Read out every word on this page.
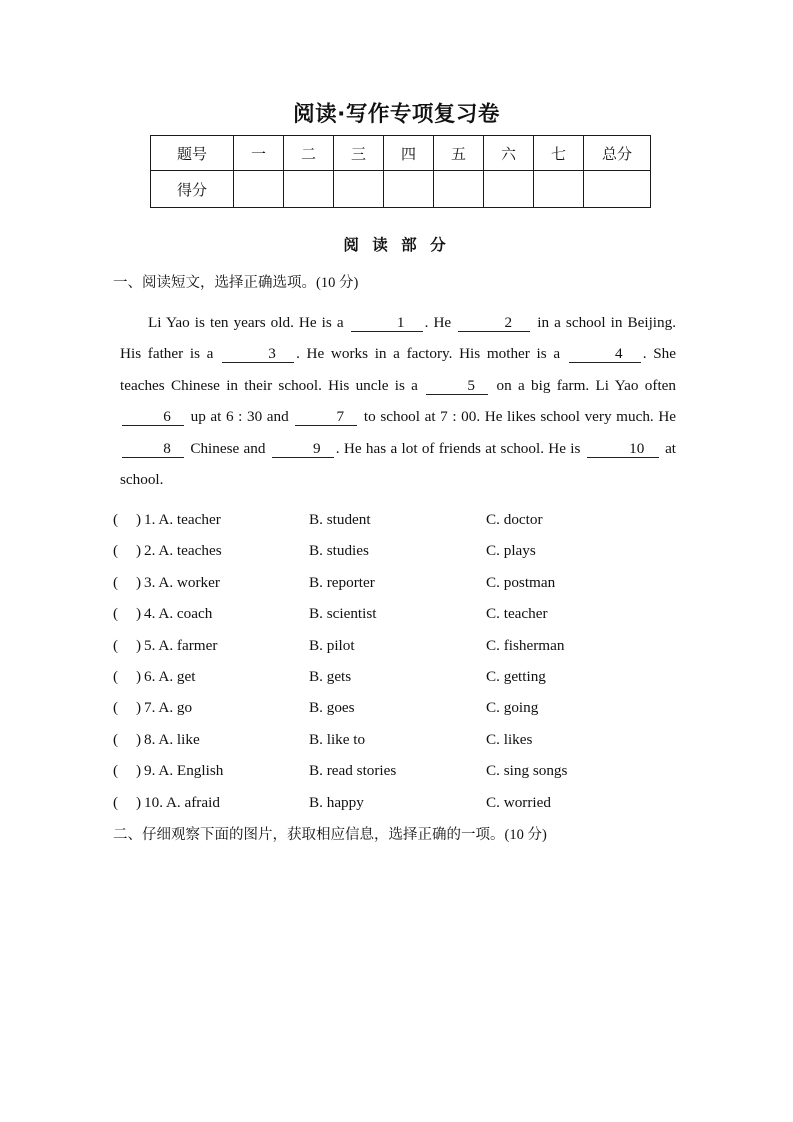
阅读·写作专项复习卷
题号	一	二	三	四	五	六	七	总分
得分								
阅 读 部 分
一、阅读短文，选择正确选项。(10 分)
Li Yao is ten years old. He is a	1 . He	2 in a school in Beijing. His father is a	3 . He works in a factory. His mother is a	4 . She teaches Chinese in their school. His uncle is a	5 on a big farm. Li Yao often 6 up at 6 : 30 and	7 to school at 7 : 00. He likes school very much. He 8 Chinese and	9 . He has a lot of friends at school. He is	10 at school.
( ) 1. A. teacher	B. student	C. doctor
( ) 2. A. teaches	B. studies	C. plays
( ) 3. A. worker	B. reporter	C. postman
( ) 4. A. coach	B. scientist	C. teacher
( ) 5. A. farmer	B. pilot	C. fisherman
( ) 6. A. get	B. gets	C. getting
( ) 7. A. go	B. goes	C. going
( ) 8. A. like	B. like to	C. likes
( ) 9. A. English	B. read stories	C. sing songs
( ) 10. A. afraid	B. happy	C. worried
二、仔细观察下面的图片，获取相应信息，选择正确的一项。(10 分)
